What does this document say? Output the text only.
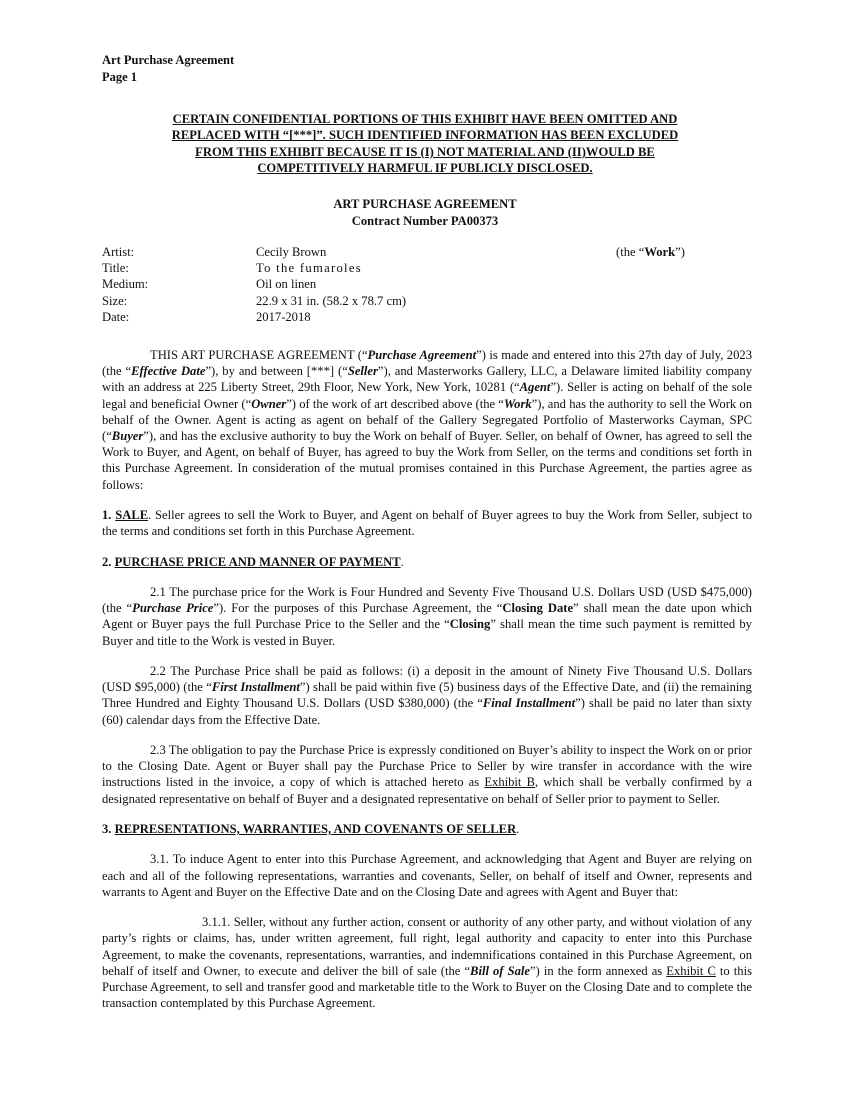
Art Purchase Agreement
Page 1
CERTAIN CONFIDENTIAL PORTIONS OF THIS EXHIBIT HAVE BEEN OMITTED AND
REPLACED WITH “[***]”. SUCH IDENTIFIED INFORMATION HAS BEEN EXCLUDED
FROM THIS EXHIBIT BECAUSE IT IS (I) NOT MATERIAL AND (II)WOULD BE
COMPETITIVELY HARMFUL IF PUBLICLY DISCLOSED.
ART PURCHASE AGREEMENT
Contract Number PA00373
Artist:	Cecily Brown	(the “Work”)
Title:	To the fumaroles
Medium:	Oil on linen
Size:	22.9 x 31 in. (58.2 x 78.7 cm)
Date:	2017-2018

THIS ART PURCHASE AGREEMENT (“Purchase Agreement”) is made and entered into this 27th day of July, 2023 (the “Effective Date”), by and between [***] (“Seller”), and Masterworks Gallery, LLC, a Delaware limited liability company with an address at 225 Liberty Street, 29th Floor, New York, New York, 10281 (“Agent”). Seller is acting on behalf of the sole legal and beneficial Owner (“Owner”) of the work of art described above (the “Work”), and has the authority to sell the Work on behalf of the Owner. Agent is acting as agent on behalf of the Gallery Segregated Portfolio of Masterworks Cayman, SPC (“Buyer”), and has the exclusive authority to buy the Work on behalf of Buyer. Seller, on behalf of Owner, has agreed to sell the Work to Buyer, and Agent, on behalf of Buyer, has agreed to buy the Work from Seller, on the terms and conditions set forth in this Purchase Agreement. In consideration of the mutual promises contained in this Purchase Agreement, the parties agree as follows:

1. SALE. Seller agrees to sell the Work to Buyer, and Agent on behalf of Buyer agrees to buy the Work from Seller, subject to the terms and conditions set forth in this Purchase Agreement.

2. PURCHASE PRICE AND MANNER OF PAYMENT.

2.1 The purchase price for the Work is Four Hundred and Seventy Five Thousand U.S. Dollars USD (USD $475,000) (the “Purchase Price”). For the purposes of this Purchase Agreement, the “Closing Date” shall mean the date upon which Agent or Buyer pays the full Purchase Price to the Seller and the “Closing” shall mean the time such payment is remitted by Buyer and title to the Work is vested in Buyer.

2.2 The Purchase Price shall be paid as follows: (i) a deposit in the amount of Ninety Five Thousand U.S. Dollars (USD $95,000) (the “First Installment”) shall be paid within five (5) business days of the Effective Date, and (ii) the remaining Three Hundred and Eighty Thousand U.S. Dollars (USD $380,000) (the “Final Installment”) shall be paid no later than sixty (60) calendar days from the Effective Date.

2.3 The obligation to pay the Purchase Price is expressly conditioned on Buyer’s ability to inspect the Work on or prior to the Closing Date. Agent or Buyer shall pay the Purchase Price to Seller by wire transfer in accordance with the wire instructions listed in the invoice, a copy of which is attached hereto as Exhibit B, which shall be verbally confirmed by a designated representative on behalf of Buyer and a designated representative on behalf of Seller prior to payment to Seller.

3. REPRESENTATIONS, WARRANTIES, AND COVENANTS OF SELLER.

3.1. To induce Agent to enter into this Purchase Agreement, and acknowledging that Agent and Buyer are relying on each and all of the following representations, warranties and covenants, Seller, on behalf of itself and Owner, represents and warrants to Agent and Buyer on the Effective Date and on the Closing Date and agrees with Agent and Buyer that:

3.1.1. Seller, without any further action, consent or authority of any other party, and without violation of any party’s rights or claims, has, under written agreement, full right, legal authority and capacity to enter into this Purchase Agreement, to make the covenants, representations, warranties, and indemnifications contained in this Purchase Agreement, on behalf of itself and Owner, to execute and deliver the bill of sale (the “Bill of Sale”) in the form annexed as Exhibit C to this Purchase Agreement, to sell and transfer good and marketable title to the Work to Buyer on the Closing Date and to complete the transaction contemplated by this Purchase Agreement.
